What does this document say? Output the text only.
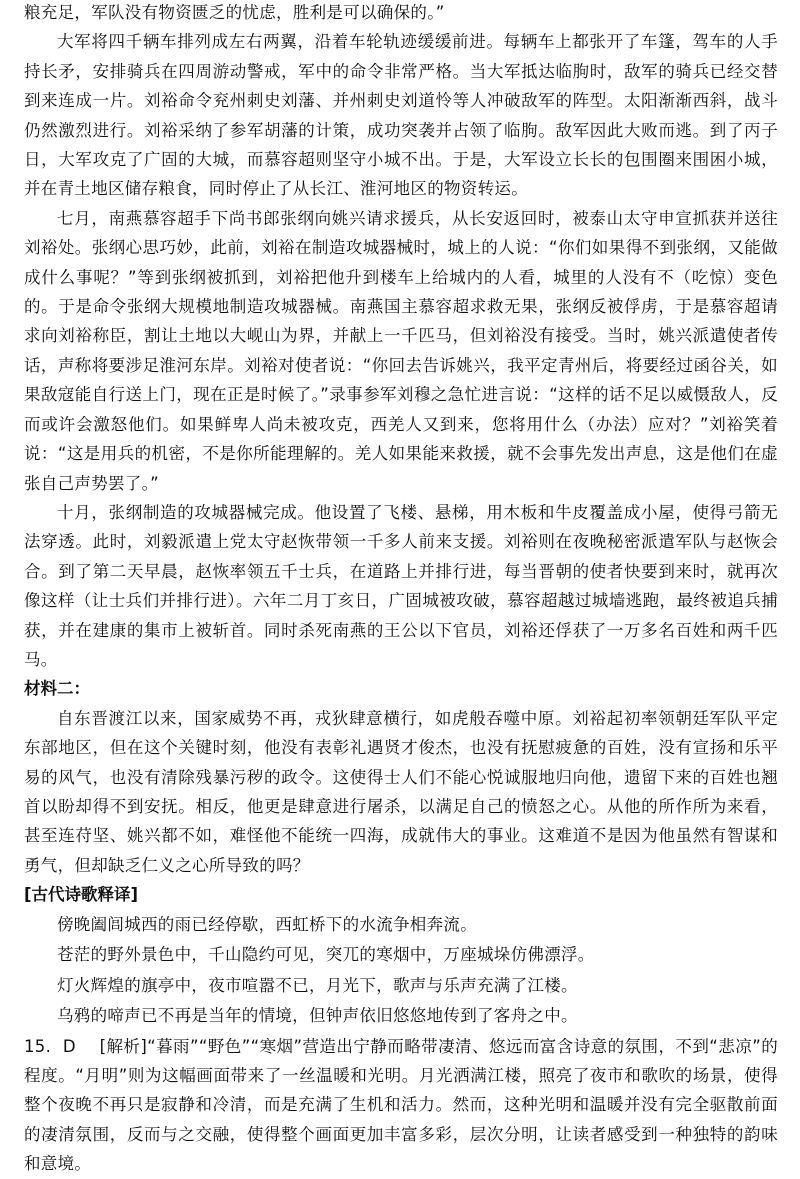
粮充足，军队没有物资匮乏的忧虑，胜利是可以确保的。”

大军将四千辆车排列成左右两翼，沿着车轮轨迹缓缓前进。每辆车上都张开了车篷，驾车的人手持长矛，安排骑兵在四周游动警戒，军中的命令非常严格。当大军抵达临朐时，敌军的骑兵已经交替到来连成一片。刘裕命令兖州刺史刘藩、并州刺史刘道怜等人冲破敌军的阵型。太阳渐渐西斜，战斗仍然激烈进行。刘裕采纳了参军胡藩的计策，成功突袭并占领了临朐。敌军因此大败而逃。到了丙子日，大军攻克了广固的大城，而慕容超则坚守小城不出。于是，大军设立长长的包围圈来围困小城，并在青土地区储存粮食，同时停止了从长江、淮河地区的物资转运。

七月，南燕慕容超手下尚书郎张纲向姚兴请求援兵，从长安返回时，被泰山太守申宣抓获并送往刘裕处。张纲心思巧妙，此前，刘裕在制造攻城器械时，城上的人说：“你们如果得不到张纲，又能做成什么事呢？”等到张纲被抓到，刘裕把他升到楼车上给城内的人看，城里的人没有不（吃惊）变色的。于是命令张纲大规模地制造攻城器械。南燕国主慕容超求救无果，张纲反被俘虏，于是慕容超请求向刘裕称臣，割让土地以大岘山为界，并献上一千匹马，但刘裕没有接受。当时，姚兴派遣使者传话，声称将要涉足淮河东岸。刘裕对使者说：“你回去告诉姚兴，我平定青州后，将要经过函谷关，如果敌寇能自行送上门，现在正是时候了。”录事参军刘穆之急忙进言说：“这样的话不足以威慑敌人，反而或许会激怒他们。如果鲜卑人尚未被攻克，西羌人又到来，您将用什么（办法）应对？”刘裕笑着说：“这是用兵的机密，不是你所能理解的。羌人如果能来救援，就不会事先发出声息，这是他们在虚张自己声势罢了。”

十月，张纲制造的攻城器械完成。他设置了飞楼、悬梯，用木板和牛皮覆盖成小屋，使得弓箭无法穿透。此时，刘毅派遣上党太守赵恢带领一千多人前来支援。刘裕则在夜晚秘密派遣军队与赵恢会合。到了第二天早晨，赵恢率领五千士兵，在道路上并排行进，每当晋朝的使者快要到来时，就再次像这样（让士兵们并排行进）。六年二月丁亥日，广固城被攻破，慕容超越过城墙逃跑，最终被追兵捕获，并在建康的集市上被斩首。同时杀死南燕的王公以下官员，刘裕还俘获了一万多名百姓和两千匹马。

材料二：

自东晋渡江以来，国家威势不再，戎狄肆意横行，如虎般吞噬中原。刘裕起初率领朝廷军队平定东部地区，但在这个关键时刻，他没有表彰礼遇贤才俊杰，也没有抚慰疲惫的百姓，没有宣扬和乐平易的风气，也没有清除残暴污秽的政令。这使得士人们不能心悦诚服地归向他，遗留下来的百姓也翘首以盼却得不到安抚。相反，他更是肆意进行屠杀，以满足自己的愤怒之心。从他的所作所为来看，甚至连苻坚、姚兴都不如，难怪他不能统一四海，成就伟大的事业。这难道不是因为他虽然有智谋和勇气，但却缺乏仁义之心所导致的吗？

[古代诗歌释译]

傍晚阖闾城西的雨已经停歇，西虹桥下的水流争相奔流。

苍茫的野外景色中，千山隐约可见，突兀的寒烟中，万座城垛仿佛漂浮。

灯火辉煌的旗亭中，夜市喧嚣不已，月光下，歌声与乐声充满了江楼。

乌鸦的啼声已不再是当年的情境，但钟声依旧悠悠地传到了客舟之中。

15. D [解析]“暮雨”“野色”“寒烟”营造出宁静而略带凄清、悠远而富含诗意的氛围，不到“悲凉”的程度。“月明”则为这幅画面带来了一丝温暖和光明。月光洒满江楼，照亮了夜市和歌吹的场景，使得整个夜晚不再只是寂静和冷清，而是充满了生机和活力。然而，这种光明和温暖并没有完全驱散前面的凄清氛围，反而与之交融，使得整个画面更加丰富多彩，层次分明，让读者感受到一种独特的韵味和意境。
